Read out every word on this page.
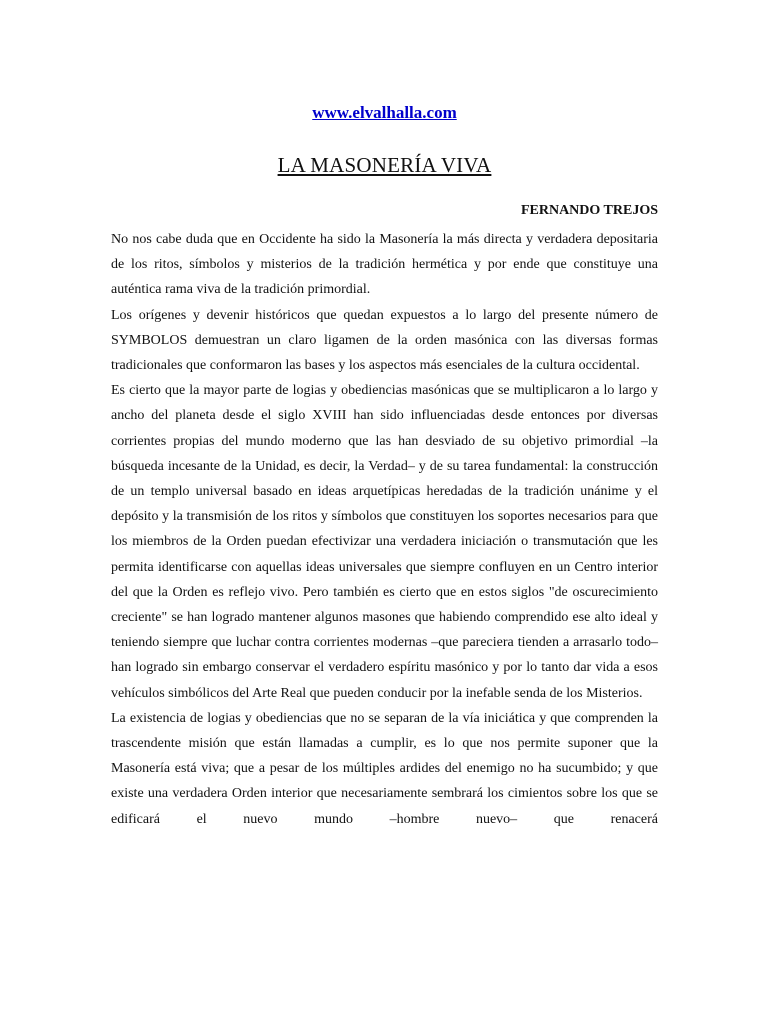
www.elvalhalla.com
LA MASONERÍA VIVA
FERNANDO TREJOS

No nos cabe duda que en Occidente ha sido la Masonería la más directa y verdadera depositaria de los ritos, símbolos y misterios de la tradición hermética y por ende que constituye una auténtica rama viva de la tradición primordial.

Los orígenes y devenir históricos que quedan expuestos a lo largo del presente número de SYMBOLOS demuestran un claro ligamen de la orden masónica con las diversas formas tradicionales que conformaron las bases y los aspectos más esenciales de la cultura occidental.

Es cierto que la mayor parte de logias y obediencias masónicas que se multiplicaron a lo largo y ancho del planeta desde el siglo XVIII han sido influenciadas desde entonces por diversas corrientes propias del mundo moderno que las han desviado de su objetivo primordial –la búsqueda incesante de la Unidad, es decir, la Verdad– y de su tarea fundamental: la construcción de un templo universal basado en ideas arquetípicas heredadas de la tradición unánime y el depósito y la transmisión de los ritos y símbolos que constituyen los soportes necesarios para que los miembros de la Orden puedan efectivizar una verdadera iniciación o transmutación que les permita identificarse con aquellas ideas universales que siempre confluyen en un Centro interior del que la Orden es reflejo vivo. Pero también es cierto que en estos siglos "de oscurecimiento creciente" se han logrado mantener algunos masones que habiendo comprendido ese alto ideal y teniendo siempre que luchar contra corrientes modernas –que pareciera tienden a arrasarlo todo– han logrado sin embargo conservar el verdadero espíritu masónico y por lo tanto dar vida a esos vehículos simbólicos del Arte Real que pueden conducir por la inefable senda de los Misterios.

La existencia de logias y obediencias que no se separan de la vía iniciática y que comprenden la trascendente misión que están llamadas a cumplir, es lo que nos permite suponer que la Masonería está viva; que a pesar de los múltiples ardides del enemigo no ha sucumbido; y que existe una verdadera Orden interior que necesariamente sembrará los cimientos sobre los que se edificará el nuevo mundo –hombre nuevo– que renacerá
